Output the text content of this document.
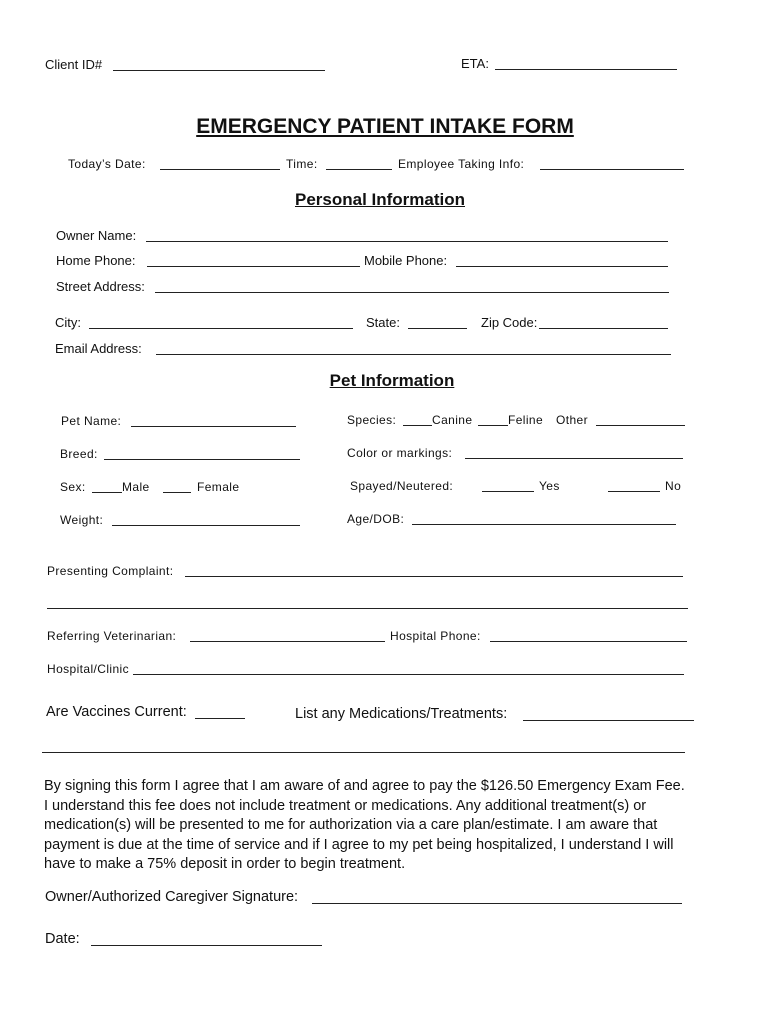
Client ID#	ETA:
EMERGENCY PATIENT INTAKE FORM
Today’s Date:	Time:	Employee Taking Info:
Personal Information
Owner Name:
Home Phone:	Mobile Phone:
Street Address:
City:	State:	Zip Code:
Email Address:
Pet Information
Pet Name:	Species:	Canine	Feline Other
Breed:	Color or markings:
Sex:	Male	Female	Spayed/Neutered:	Yes	No
Weight:	Age/DOB:
Presenting Complaint:
Referring Veterinarian:	Hospital Phone:
Hospital/Clinic
Are Vaccines Current:	List any Medications/Treatments:
By signing this form I agree that I am aware of and agree to pay the $126.50 Emergency Exam Fee.
I understand this fee does not include treatment or medications. Any additional treatment(s) or
medication(s) will be presented to me for authorization via a care plan/estimate. I am aware that
payment is due at the time of service and if I agree to my pet being hospitalized, I understand I will
have to make a 75% deposit in order to begin treatment.
Owner/Authorized Caregiver Signature:
Date:
